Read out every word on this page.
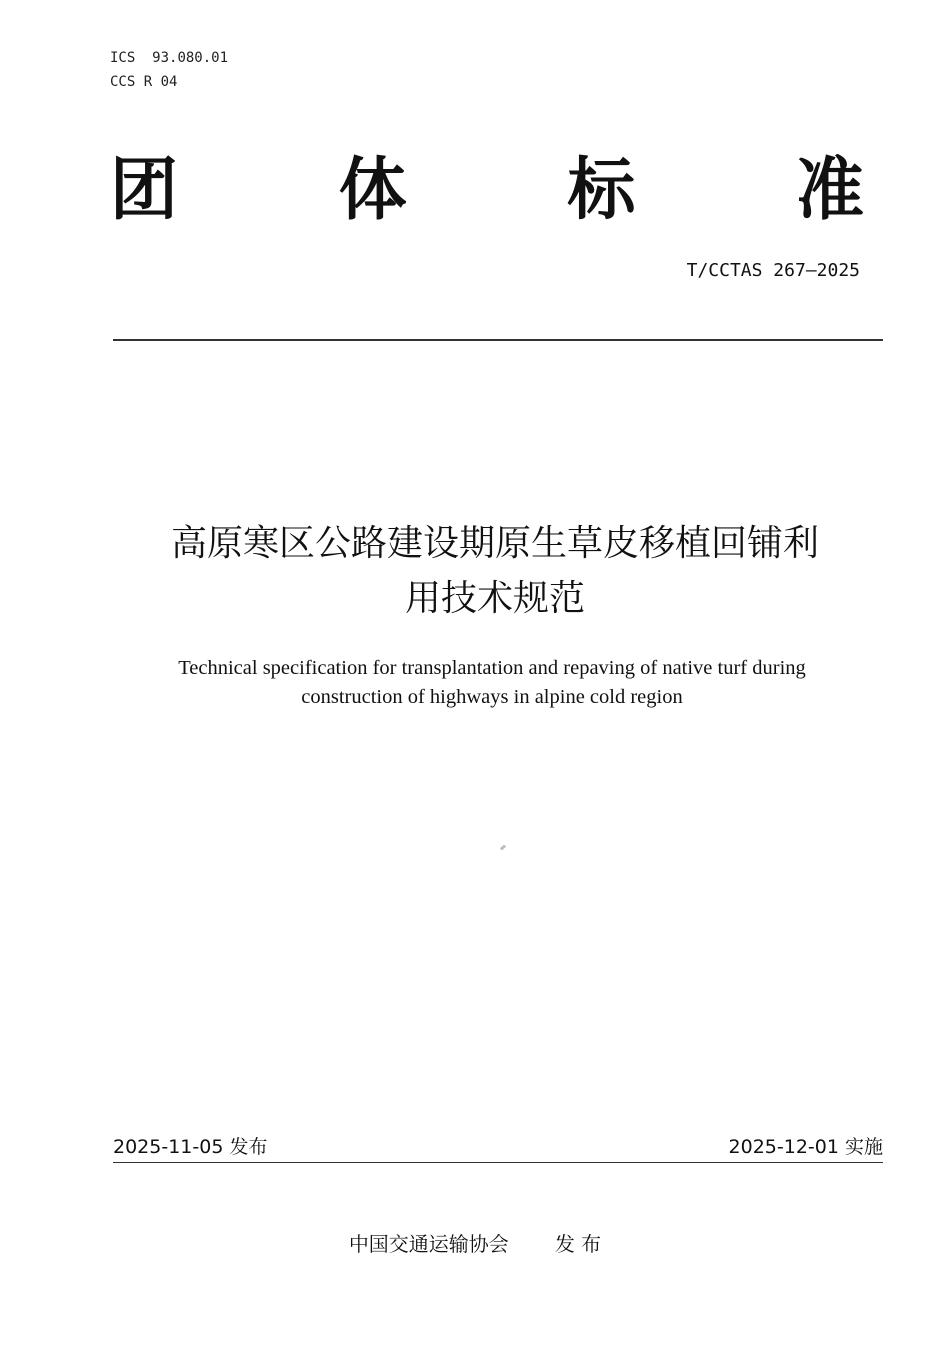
ICS 93.080.01
CCS R 04
团 体 标 准
T/CCTAS 267—2025
高原寒区公路建设期原生草皮移植回铺利
用技术规范
Technical specification for transplantation and repaving of native turf during
construction of highways in alpine cold region
2025-11-05 发布	2025-12-01 实施
中国交通运输协会 发 布
